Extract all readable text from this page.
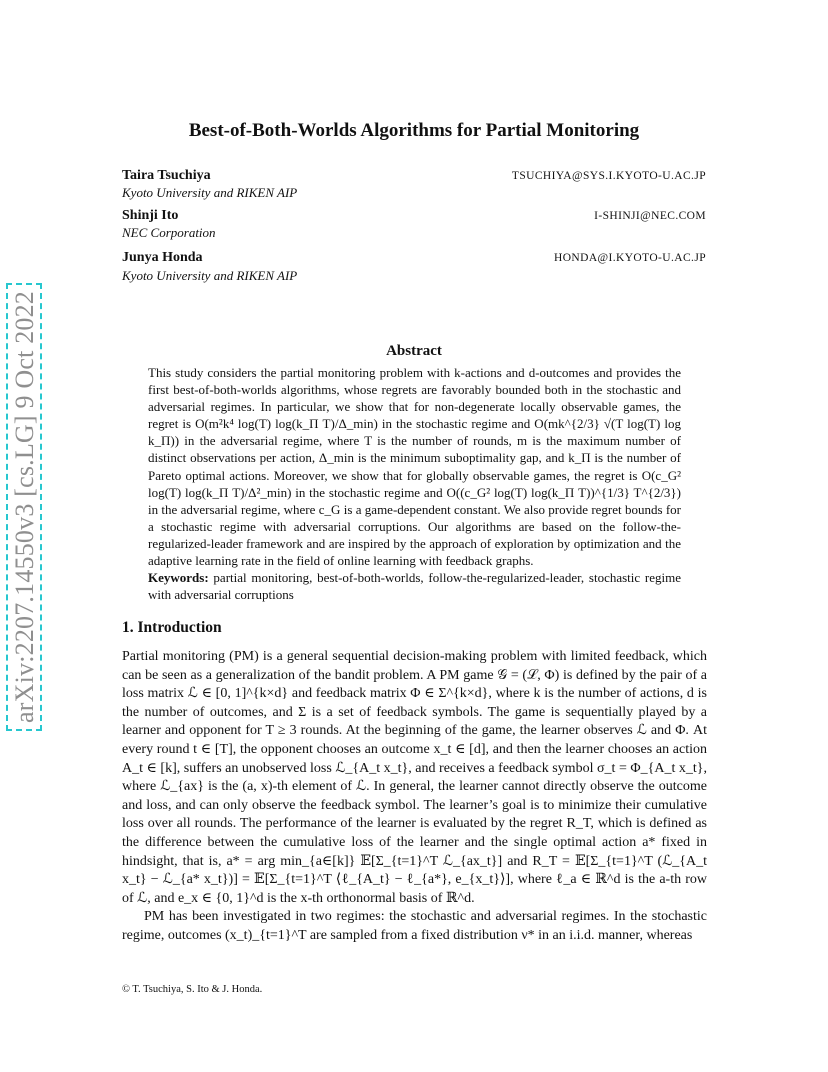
arXiv:2207.14550v3 [cs.LG] 9 Oct 2022
Best-of-Both-Worlds Algorithms for Partial Monitoring
Taira Tsuchiya	TSUCHIYA@SYS.I.KYOTO-U.AC.JP
Kyoto University and RIKEN AIP
Shinji Ito	I-SHINJI@NEC.COM
NEC Corporation
Junya Honda	HONDA@I.KYOTO-U.AC.JP
Kyoto University and RIKEN AIP
Abstract

This study considers the partial monitoring problem with k-actions and d-outcomes and provides the first best-of-both-worlds algorithms, whose regrets are favorably bounded both in the stochastic and adversarial regimes. In particular, we show that for non-degenerate locally observable games, the regret is O(m²k⁴ log(T) log(k_Π T)/Δ_min) in the stochastic regime and O(mk^{2/3} √(T log(T) log k_Π)) in the adversarial regime, where T is the number of rounds, m is the maximum number of distinct observations per action, Δ_min is the minimum suboptimality gap, and k_Π is the number of Pareto optimal actions. Moreover, we show that for globally observable games, the regret is O(c_G² log(T) log(k_Π T)/Δ²_min) in the stochastic regime and O((c_G² log(T) log(k_Π T))^{1/3} T^{2/3}) in the adversarial regime, where c_G is a game-dependent constant. We also provide regret bounds for a stochastic regime with adversarial corruptions. Our algorithms are based on the follow-the-regularized-leader framework and are inspired by the approach of exploration by optimization and the adaptive learning rate in the field of online learning with feedback graphs.

Keywords: partial monitoring, best-of-both-worlds, follow-the-regularized-leader, stochastic regime with adversarial corruptions

1. Introduction

Partial monitoring (PM) is a general sequential decision-making problem with limited feedback, which can be seen as a generalization of the bandit problem. A PM game 𝒢 = (ℒ, Φ) is defined by the pair of a loss matrix ℒ ∈ [0, 1]^{k×d} and feedback matrix Φ ∈ Σ^{k×d}, where k is the number of actions, d is the number of outcomes, and Σ is a set of feedback symbols. The game is sequentially played by a learner and opponent for T ≥ 3 rounds. At the beginning of the game, the learner observes ℒ and Φ. At every round t ∈ [T], the opponent chooses an outcome x_t ∈ [d], and then the learner chooses an action A_t ∈ [k], suffers an unobserved loss ℒ_{A_t x_t}, and receives a feedback symbol σ_t = Φ_{A_t x_t}, where ℒ_{ax} is the (a, x)-th element of ℒ. In general, the learner cannot directly observe the outcome and loss, and can only observe the feedback symbol. The learner’s goal is to minimize their cumulative loss over all rounds. The performance of the learner is evaluated by the regret R_T, which is defined as the difference between the cumulative loss of the learner and the single optimal action a* fixed in hindsight, that is, a* = arg min_{a∈[k]} 𝔼[Σ_{t=1}^T ℒ_{ax_t}] and R_T = 𝔼[Σ_{t=1}^T (ℒ_{A_t x_t} − ℒ_{a* x_t})] = 𝔼[Σ_{t=1}^T ⟨ℓ_{A_t} − ℓ_{a*}, e_{x_t}⟩], where ℓ_a ∈ ℝ^d is the a-th row of ℒ, and e_x ∈ {0, 1}^d is the x-th orthonormal basis of ℝ^d.

PM has been investigated in two regimes: the stochastic and adversarial regimes. In the stochastic regime, outcomes (x_t)_{t=1}^T are sampled from a fixed distribution ν* in an i.i.d. manner, whereas

© T. Tsuchiya, S. Ito & J. Honda.
